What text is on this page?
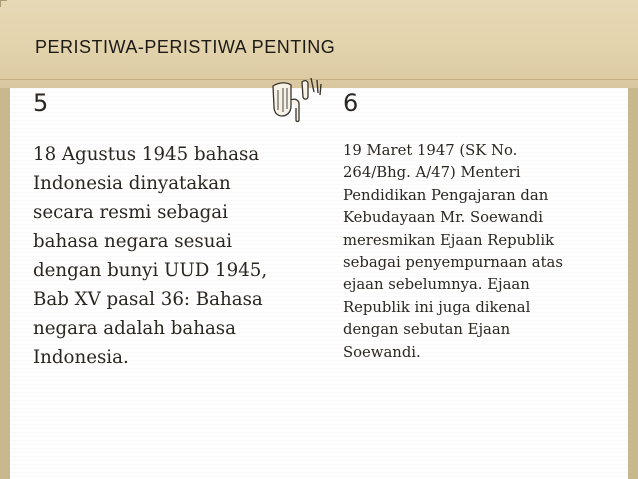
PERISTIWA-PERISTIWA PENTING
5	6

18 Agustus 1945 bahasa

Indonesia dinyatakan

secara resmi sebagai

bahasa negara sesuai

dengan bunyi UUD 1945,

Bab XV pasal 36: Bahasa

negara adalah bahasa

Indonesia.

19 Maret 1947 (SK No.

264/Bhg. A/47) Menteri

Pendidikan Pengajaran dan

Kebudayaan Mr. Soewandi

meresmikan Ejaan Republik

sebagai penyempurnaan atas

ejaan sebelumnya. Ejaan

Republik ini juga dikenal

dengan sebutan Ejaan

Soewandi.
